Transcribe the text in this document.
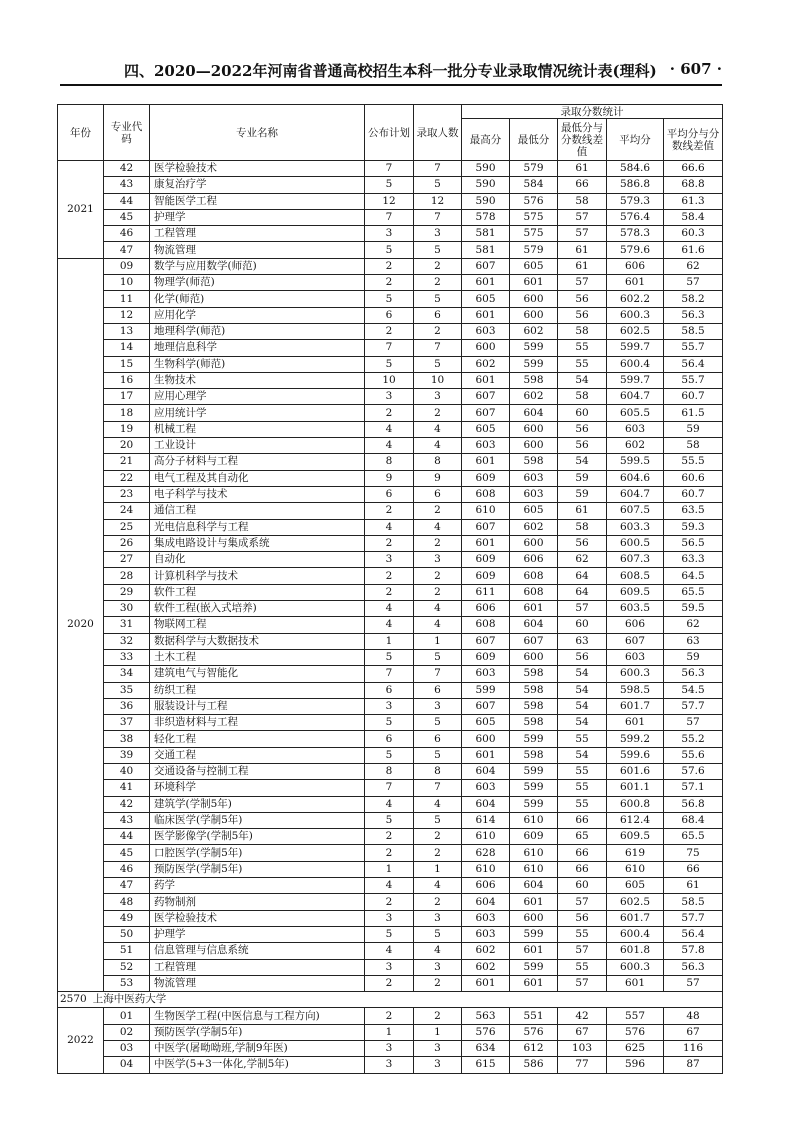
四、2020—2022年河南省普通高校招生本科一批分专业录取情况统计表(理科) · 607 ·
年份	专业代码	专业名称	公布计划	录取人数	录取分数统计				
					最高分	最低分	最低分与分数线差值	平均分	平均分与分数线差值
2021	42	医学检验技术	7	7	590	579	61	584.6	66.6
	43	康复治疗学	5	5	590	584	66	586.8	68.8
	44	智能医学工程	12	12	590	576	58	579.3	61.3
	45	护理学	7	7	578	575	57	576.4	58.4
	46	工程管理	3	3	581	575	57	578.3	60.3
	47	物流管理	5	5	581	579	61	579.6	61.6
2020	09	数学与应用数学(师范)	2	2	607	605	61	606	62
	10	物理学(师范)	2	2	601	601	57	601	57
	11	化学(师范)	5	5	605	600	56	602.2	58.2
	12	应用化学	6	6	601	600	56	600.3	56.3
	13	地理科学(师范)	2	2	603	602	58	602.5	58.5
	14	地理信息科学	7	7	600	599	55	599.7	55.7
	15	生物科学(师范)	5	5	602	599	55	600.4	56.4
	16	生物技术	10	10	601	598	54	599.7	55.7
	17	应用心理学	3	3	607	602	58	604.7	60.7
	18	应用统计学	2	2	607	604	60	605.5	61.5
	19	机械工程	4	4	605	600	56	603	59
	20	工业设计	4	4	603	600	56	602	58
	21	高分子材料与工程	8	8	601	598	54	599.5	55.5
	22	电气工程及其自动化	9	9	609	603	59	604.6	60.6
	23	电子科学与技术	6	6	608	603	59	604.7	60.7
	24	通信工程	2	2	610	605	61	607.5	63.5
	25	光电信息科学与工程	4	4	607	602	58	603.3	59.3
	26	集成电路设计与集成系统	2	2	601	600	56	600.5	56.5
	27	自动化	3	3	609	606	62	607.3	63.3
	28	计算机科学与技术	2	2	609	608	64	608.5	64.5
	29	软件工程	2	2	611	608	64	609.5	65.5
	30	软件工程(嵌入式培养)	4	4	606	601	57	603.5	59.5
	31	物联网工程	4	4	608	604	60	606	62
	32	数据科学与大数据技术	1	1	607	607	63	607	63
	33	土木工程	5	5	609	600	56	603	59
	34	建筑电气与智能化	7	7	603	598	54	600.3	56.3
	35	纺织工程	6	6	599	598	54	598.5	54.5
	36	服装设计与工程	3	3	607	598	54	601.7	57.7
	37	非织造材料与工程	5	5	605	598	54	601	57
	38	轻化工程	6	6	600	599	55	599.2	55.2
	39	交通工程	5	5	601	598	54	599.6	55.6
	40	交通设备与控制工程	8	8	604	599	55	601.6	57.6
	41	环境科学	7	7	603	599	55	601.1	57.1
	42	建筑学(学制5年)	4	4	604	599	55	600.8	56.8
	43	临床医学(学制5年)	5	5	614	610	66	612.4	68.4
	44	医学影像学(学制5年)	2	2	610	609	65	609.5	65.5
	45	口腔医学(学制5年)	2	2	628	610	66	619	75
	46	预防医学(学制5年)	1	1	610	610	66	610	66
	47	药学	4	4	606	604	60	605	61
	48	药物制剂	2	2	604	601	57	602.5	58.5
	49	医学检验技术	3	3	603	600	56	601.7	57.7
	50	护理学	5	5	603	599	55	600.4	56.4
	51	信息管理与信息系统	4	4	602	601	57	601.8	57.8
	52	工程管理	3	3	602	599	55	600.3	56.3
	53	物流管理	2	2	601	601	57	601	57
2570 上海中医药大学									
2022	01	生物医学工程(中医信息与工程方向)	2	2	563	551	42	557	48
	02	预防医学(学制5年)	1	1	576	576	67	576	67
	03	中医学(屠呦呦班,学制9年医)	3	3	634	612	103	625	116
	04	中医学(5+3一体化,学制5年)	3	3	615	586	77	596	87
